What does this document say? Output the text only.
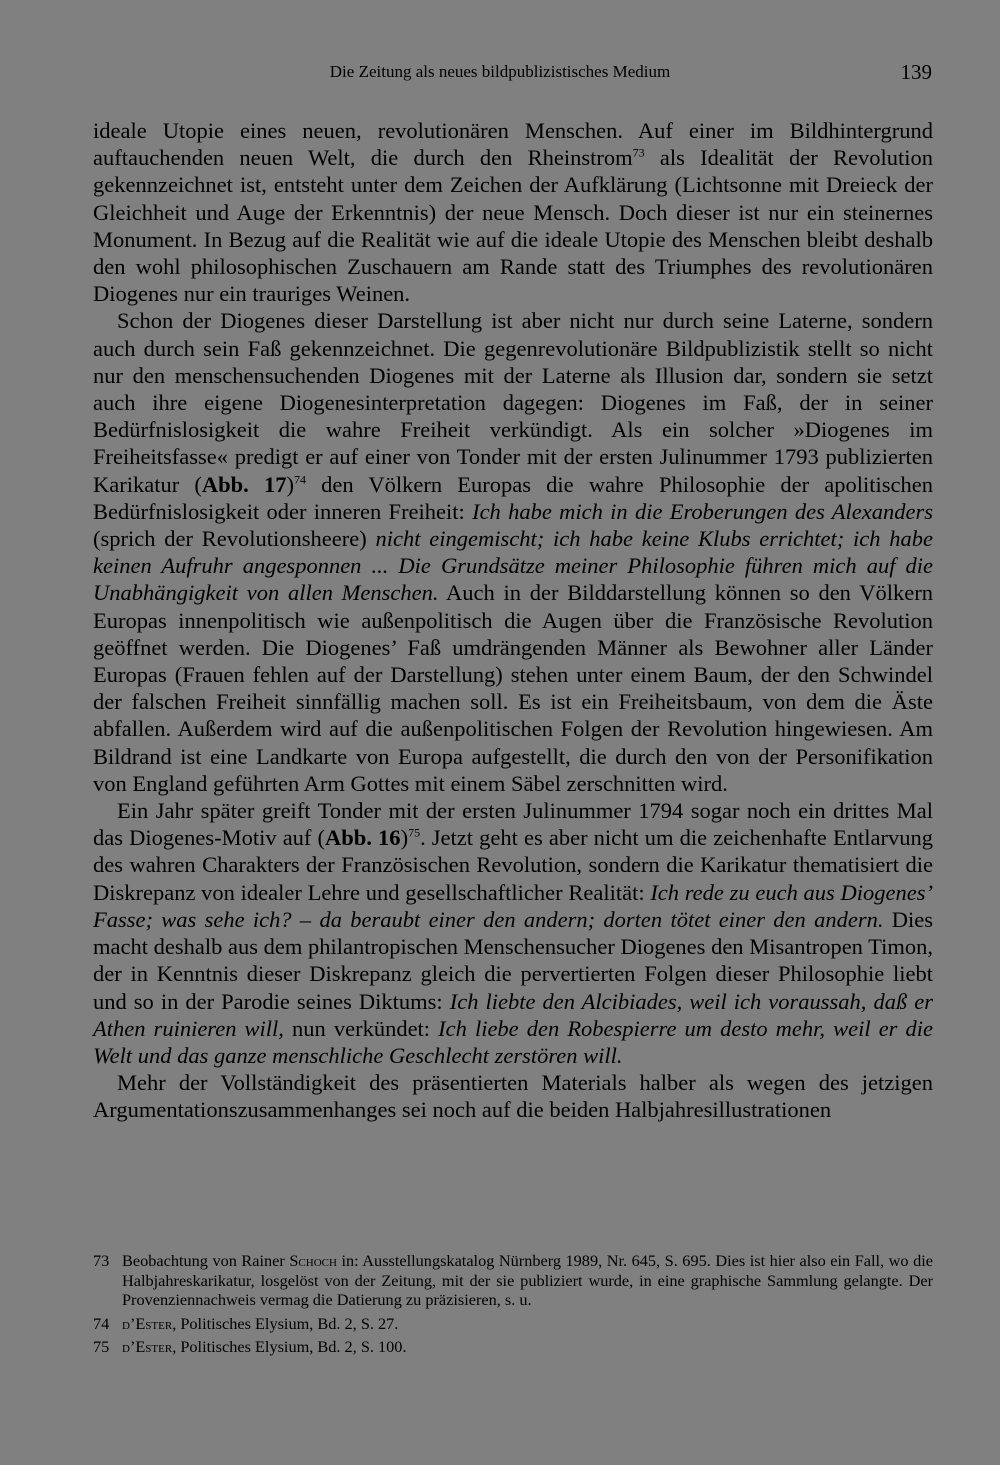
Die Zeitung als neues bildpublizistisches Medium	139

ideale Utopie eines neuen, revolutionären Menschen. Auf einer im Bildhintergrund auftauchenden neuen Welt, die durch den Rheinstrom$^{73}$ als Idealität der Revolution gekennzeichnet ist, entsteht unter dem Zeichen der Aufklärung (Lichtsonne mit Dreieck der Gleichheit und Auge der Erkenntnis) der neue Mensch. Doch dieser ist nur ein steinernes Monument. In Bezug auf die Realität wie auf die ideale Utopie des Menschen bleibt deshalb den wohl philosophischen Zuschauern am Rande statt des Triumphes des revolutionären Diogenes nur ein trauriges Weinen.

Schon der Diogenes dieser Darstellung ist aber nicht nur durch seine Laterne, sondern auch durch sein Faß gekennzeichnet. Die gegenrevolutionäre Bildpublizistik stellt so nicht nur den menschensuchenden Diogenes mit der Laterne als Illusion dar, sondern sie setzt auch ihre eigene Diogenesinterpretation dagegen: Diogenes im Faß, der in seiner Bedürfnislosigkeit die wahre Freiheit verkündigt. Als ein solcher »Diogenes im Freiheitsfasse« predigt er auf einer von Tonder mit der ersten Julinummer 1793 publizierten Karikatur (Abb. 17)$^{74}$ den Völkern Europas die wahre Philosophie der apolitischen Bedürfnislosigkeit oder inneren Freiheit: Ich habe mich in die Eroberungen des Alexanders (sprich der Revolutionsheere) nicht eingemischt; ich habe keine Klubs errichtet; ich habe keinen Aufruhr angesponnen ... Die Grundsätze meiner Philosophie führen mich auf die Unabhängigkeit von allen Menschen. Auch in der Bilddarstellung können so den Völkern Europas innenpolitisch wie außenpolitisch die Augen über die Französische Revolution geöffnet werden. Die Diogenes’ Faß umdrängenden Männer als Bewohner aller Länder Europas (Frauen fehlen auf der Darstellung) stehen unter einem Baum, der den Schwindel der falschen Freiheit sinnfällig machen soll. Es ist ein Freiheitsbaum, von dem die Äste abfallen. Außerdem wird auf die außenpolitischen Folgen der Revolution hingewiesen. Am Bildrand ist eine Landkarte von Europa aufgestellt, die durch den von der Personifikation von England geführten Arm Gottes mit einem Säbel zerschnitten wird.

Ein Jahr später greift Tonder mit der ersten Julinummer 1794 sogar noch ein drittes Mal das Diogenes-Motiv auf (Abb. 16)$^{75}$. Jetzt geht es aber nicht um die zeichenhafte Entlarvung des wahren Charakters der Französischen Revolution, sondern die Karikatur thematisiert die Diskrepanz von idealer Lehre und gesellschaftlicher Realität: Ich rede zu euch aus Diogenes’ Fasse; was sehe ich? – da beraubt einer den andern; dorten tötet einer den andern. Dies macht deshalb aus dem philantropischen Menschensucher Diogenes den Misantropen Timon, der in Kenntnis dieser Diskrepanz gleich die pervertierten Folgen dieser Philosophie liebt und so in der Parodie seines Diktums: Ich liebte den Alcibiades, weil ich voraussah, daß er Athen ruinieren will, nun verkündet: Ich liebe den Robespierre um desto mehr, weil er die Welt und das ganze menschliche Geschlecht zerstören will.

Mehr der Vollständigkeit des präsentierten Materials halber als wegen des jetzigen Argumentationszusammenhanges sei noch auf die beiden Halbjahresillustrationen

73 Beobachtung von Rainer Schoch in: Ausstellungskatalog Nürnberg 1989, Nr. 645, S. 695. Dies ist hier also ein Fall, wo die Halbjahreskarikatur, losgelöst von der Zeitung, mit der sie publiziert wurde, in eine graphische Sammlung gelangte. Der Provenziennachweis vermag die Datierung zu präzisieren, s. u.
74 d’Ester, Politisches Elysium, Bd. 2, S. 27.
75 d’Ester, Politisches Elysium, Bd. 2, S. 100.
